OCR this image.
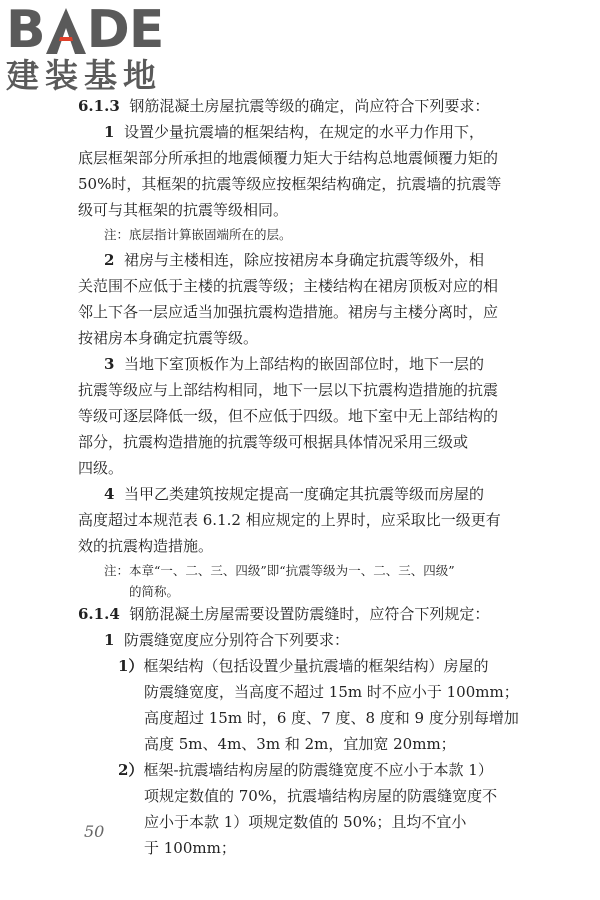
B D E
建装基地
6.1.3 钢筋混凝土房屋抗震等级的确定，尚应符合下列要求：
1 设置少量抗震墙的框架结构，在规定的水平力作用下，
底层框架部分所承担的地震倾覆力矩大于结构总地震倾覆力矩的
50%时，其框架的抗震等级应按框架结构确定，抗震墙的抗震等
级可与其框架的抗震等级相同。
注：底层指计算嵌固端所在的层。
2 裙房与主楼相连，除应按裙房本身确定抗震等级外，相
关范围不应低于主楼的抗震等级；主楼结构在裙房顶板对应的相
邻上下各一层应适当加强抗震构造措施。裙房与主楼分离时，应
按裙房本身确定抗震等级。
3 当地下室顶板作为上部结构的嵌固部位时，地下一层的
抗震等级应与上部结构相同，地下一层以下抗震构造措施的抗震
等级可逐层降低一级，但不应低于四级。地下室中无上部结构的
部分，抗震构造措施的抗震等级可根据具体情况采用三级或
四级。
4 当甲乙类建筑按规定提高一度确定其抗震等级而房屋的
高度超过本规范表 6.1.2 相应规定的上界时，应采取比一级更有
效的抗震构造措施。
注：本章“一、二、三、四级”即“抗震等级为一、二、三、四级”
的简称。
6.1.4 钢筋混凝土房屋需要设置防震缝时，应符合下列规定：
1 防震缝宽度应分别符合下列要求：
1）框架结构（包括设置少量抗震墙的框架结构）房屋的
防震缝宽度，当高度不超过 15m 时不应小于 100mm；
高度超过 15m 时，6 度、7 度、8 度和 9 度分别每增加
高度 5m、4m、3m 和 2m，宜加宽 20mm；
2）框架-抗震墙结构房屋的防震缝宽度不应小于本款 1）
项规定数值的 70%，抗震墙结构房屋的防震缝宽度不
应小于本款 1）项规定数值的 50%；且均不宜小
于 100mm；
50
